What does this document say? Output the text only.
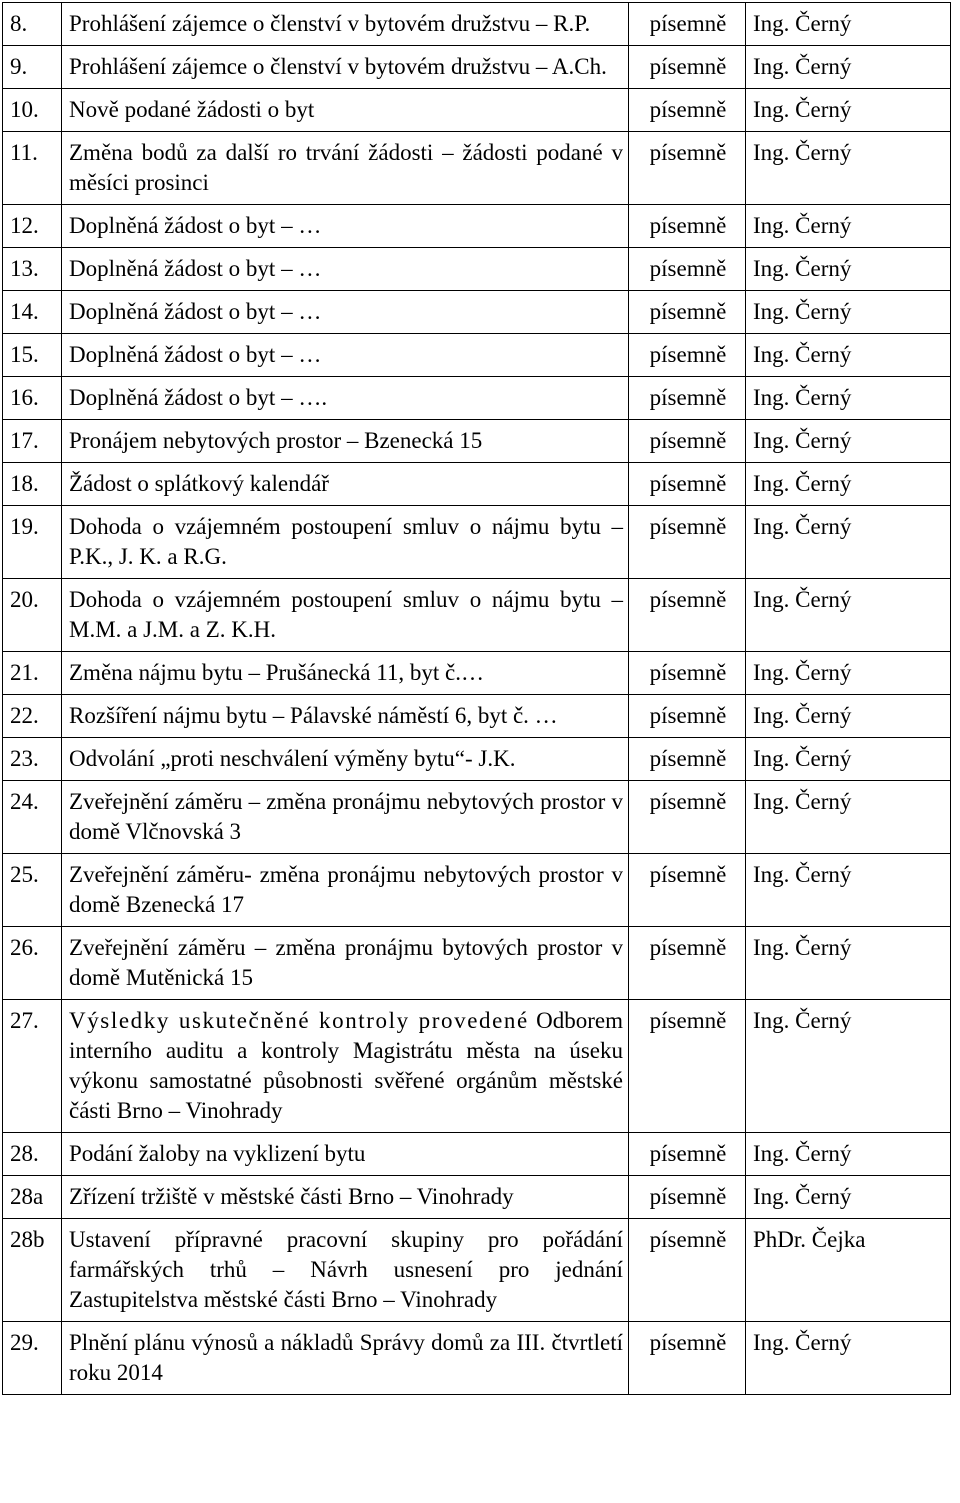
8.	Prohlášení zájemce o členství v bytovém družstvu – R.P.	písemně	Ing. Černý
9.	Prohlášení zájemce o členství v bytovém družstvu – A.Ch.	písemně	Ing. Černý
10.	Nově podané žádosti o byt	písemně	Ing. Černý
11.	Změna bodů za další ro trvání žádosti – žádosti podané v měsíci prosinci	písemně	Ing. Černý
12.	Doplněná žádost o byt – …	písemně	Ing. Černý
13.	Doplněná žádost o byt – …	písemně	Ing. Černý
14.	Doplněná žádost o byt – …	písemně	Ing. Černý
15.	Doplněná žádost o byt – …	písemně	Ing. Černý
16.	Doplněná žádost o byt – ….	písemně	Ing. Černý
17.	Pronájem nebytových prostor – Bzenecká 15	písemně	Ing. Černý
18.	Žádost o splátkový kalendář	písemně	Ing. Černý
19.	Dohoda o vzájemném postoupení smluv o nájmu bytu – P.K., J. K. a R.G.	písemně	Ing. Černý
20.	Dohoda o vzájemném postoupení smluv o nájmu bytu – M.M. a J.M. a Z. K.H.	písemně	Ing. Černý
21.	Změna nájmu bytu – Prušánecká 11, byt č.…	písemně	Ing. Černý
22.	Rozšíření nájmu bytu – Pálavské náměstí 6, byt č. …	písemně	Ing. Černý
23.	Odvolání „proti neschválení výměny bytu“- J.K.	písemně	Ing. Černý
24.	Zveřejnění záměru – změna pronájmu nebytových prostor v domě Vlčnovská 3	písemně	Ing. Černý
25.	Zveřejnění záměru- změna pronájmu nebytových prostor v domě Bzenecká 17	písemně	Ing. Černý
26.	Zveřejnění záměru – změna pronájmu bytových prostor v domě Mutěnická 15	písemně	Ing. Černý
27.	Výsledky uskutečněné kontroly provedené Odborem interního auditu a kontroly Magistrátu města na úseku výkonu samostatné působnosti svěřené orgánům městské části Brno – Vinohrady	písemně	Ing. Černý
28.	Podání žaloby na vyklizení bytu	písemně	Ing. Černý
28a	Zřízení tržiště v městské části Brno – Vinohrady	písemně	Ing. Černý
28b	Ustavení přípravné pracovní skupiny pro pořádání farmářských trhů – Návrh usnesení pro jednání Zastupitelstva městské části Brno – Vinohrady	písemně	PhDr. Čejka
29.	Plnění plánu výnosů a nákladů Správy domů za III. čtvrtletí roku 2014	písemně	Ing. Černý
